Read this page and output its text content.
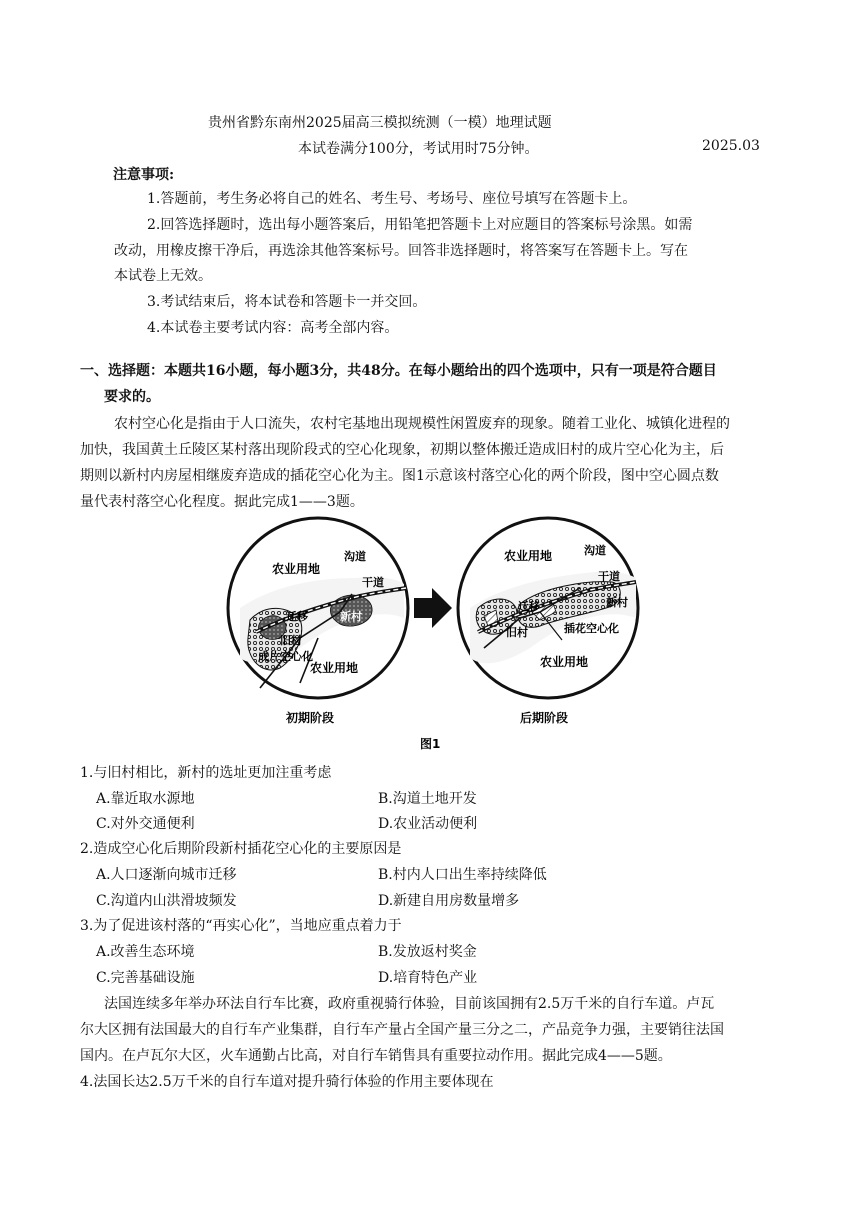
贵州省黔东南州2025届高三模拟统测（一模）地理试题
本试卷满分100分，考试用时75分钟。	2025.03
注意事项:
1.答题前，考生务必将自己的姓名、考生号、考场号、座位号填写在答题卡上。
2.回答选择题时，选出每小题答案后，用铅笔把答题卡上对应题目的答案标号涂黑。如需
改动，用橡皮擦干净后，再选涂其他答案标号。回答非选择题时，将答案写在答题卡上。写在
本试卷上无效。
3.考试结束后，将本试卷和答题卡一并交回。
4.本试卷主要考试内容：高考全部内容。
一、选择题：本题共16小题，每小题3分，共48分。在每小题给出的四个选项中，只有一项是符合题目
要求的。
农村空心化是指由于人口流失，农村宅基地出现规模性闲置废弃的现象。随着工业化、城镇化进程的
加快，我国黄土丘陵区某村落出现阶段式的空心化现象，初期以整体搬迁造成旧村的成片空心化为主，后
期则以新村内房屋相继废弃造成的插花空心化为主。图1示意该村落空心化的两个阶段，图中空心圆点数
量代表村落空心化程度。据此完成1——3题。
农业用地
沟道
干道
新村
迁移
旧村
成片空心化
农业用地
初期阶段
农业用地	沟道
干道
新村
迁移
旧村	插花空心化
农业用地
后期阶段
图1
1.与旧村相比，新村的选址更加注重考虑
A.靠近取水源地	B.沟道土地开发
C.对外交通便利	D.农业活动便利
2.造成空心化后期阶段新村插花空心化的主要原因是
A.人口逐渐向城市迁移	B.村内人口出生率持续降低
C.沟道内山洪滑坡频发	D.新建自用房数量增多
3.为了促进该村落的“再实心化”，当地应重点着力于
A.改善生态环境	B.发放返村奖金
C.完善基础设施	D.培育特色产业
法国连续多年举办环法自行车比赛，政府重视骑行体验，目前该国拥有2.5万千米的自行车道。卢瓦
尔大区拥有法国最大的自行车产业集群，自行车产量占全国产量三分之二，产品竞争力强，主要销往法国
国内。在卢瓦尔大区，火车通勤占比高，对自行车销售具有重要拉动作用。据此完成4——5题。
4.法国长达2.5万千米的自行车道对提升骑行体验的作用主要体现在
